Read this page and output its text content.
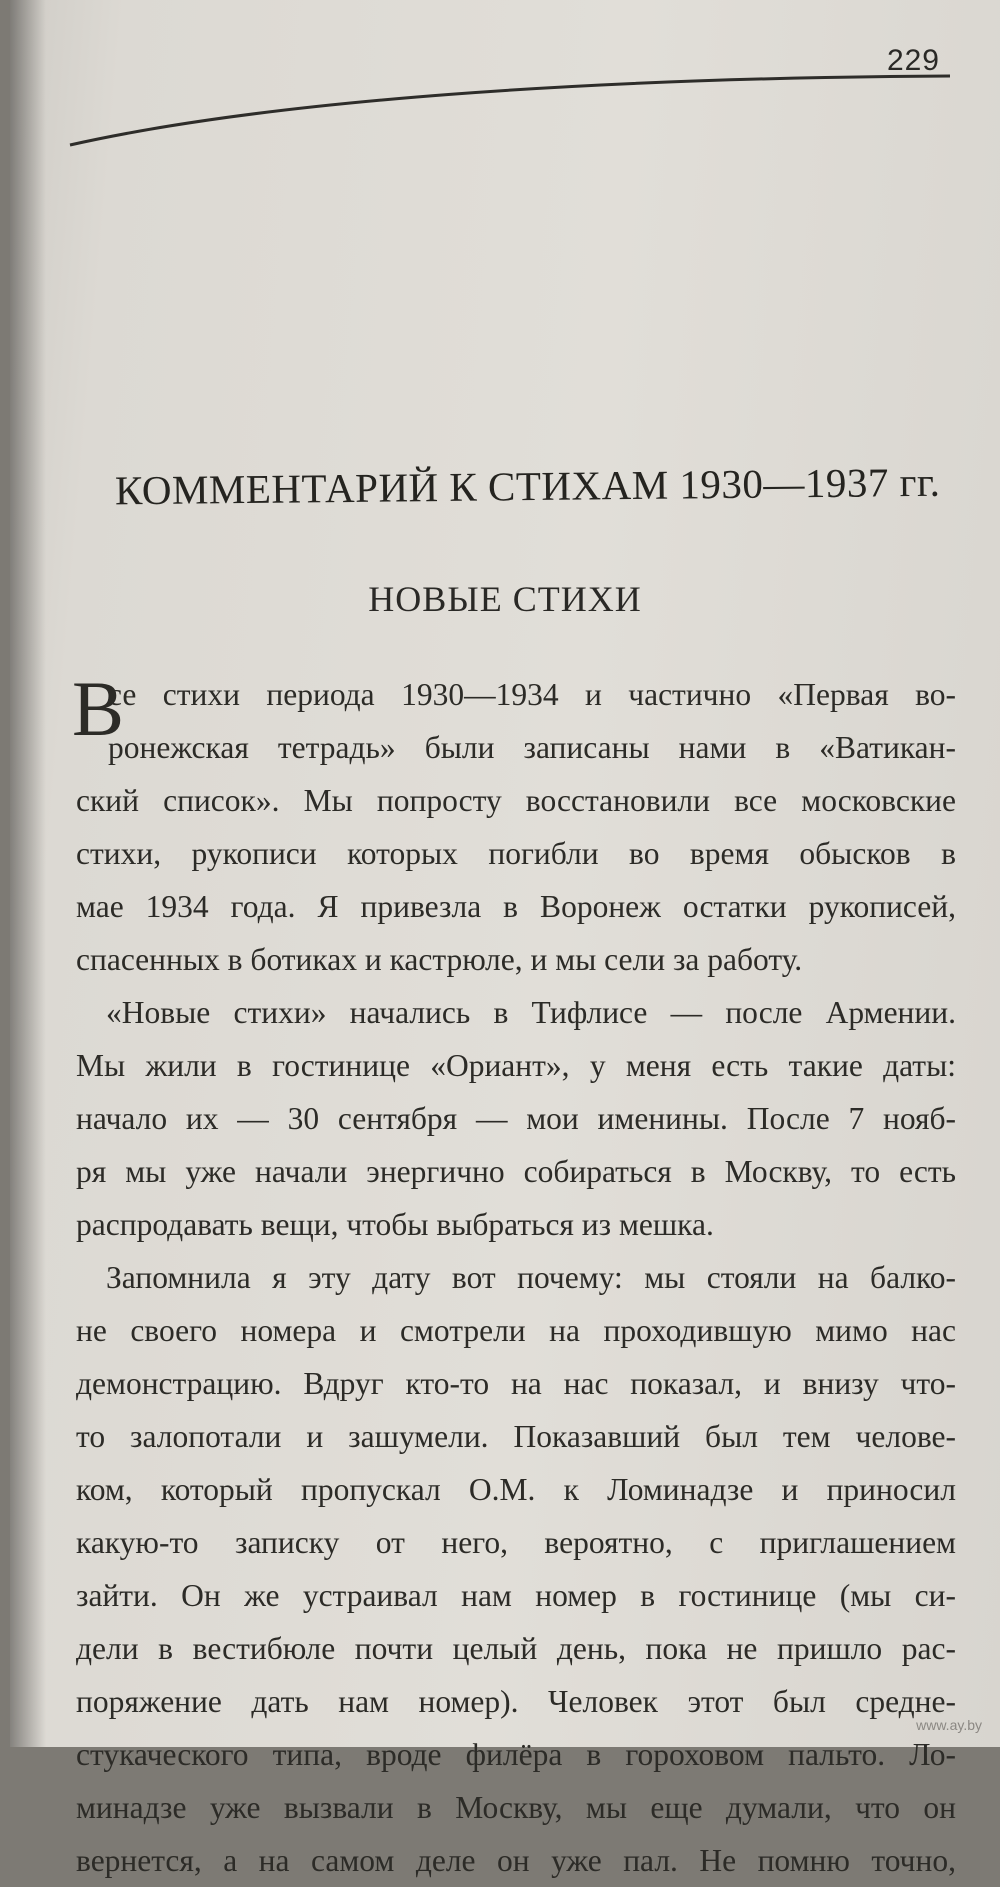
229
КОММЕНТАРИЙ К СТИХАМ 1930—1937 гг.
НОВЫЕ СТИХИ
В
се стихи периода 1930—1934 и частично «Первая во-
ронежская тетрадь» были записаны нами в «Ватикан-
ский список». Мы попросту восстановили все московские
стихи, рукописи которых погибли во время обысков в
мае 1934 года. Я привезла в Воронеж остатки рукописей,
спасенных в ботиках и кастрюле, и мы сели за работу.
«Новые стихи» начались в Тифлисе — после Армении.
Мы жили в гостинице «Ориант», у меня есть такие даты:
начало их — 30 сентября — мои именины. После 7 нояб-
ря мы уже начали энергично собираться в Москву, то есть
распродавать вещи, чтобы выбраться из мешка.
Запомнила я эту дату вот почему: мы стояли на балко-
не своего номера и смотрели на проходившую мимо нас
демонстрацию. Вдруг кто-то на нас показал, и внизу что-
то залопотали и зашумели. Показавший был тем челове-
ком, который пропускал О.М. к Ломинадзе и приносил
какую-то записку от него, вероятно, с приглашением
зайти. Он же устраивал нам номер в гостинице (мы си-
дели в вестибюле почти целый день, пока не пришло рас-
поряжение дать нам номер). Человек этот был средне-
стукаческого типа, вроде филёра в гороховом пальто. Ло-
минадзе уже вызвали в Москву, мы еще думали, что он
вернется, а на самом деле он уже пал. Не помню точно,
www.ay.by
